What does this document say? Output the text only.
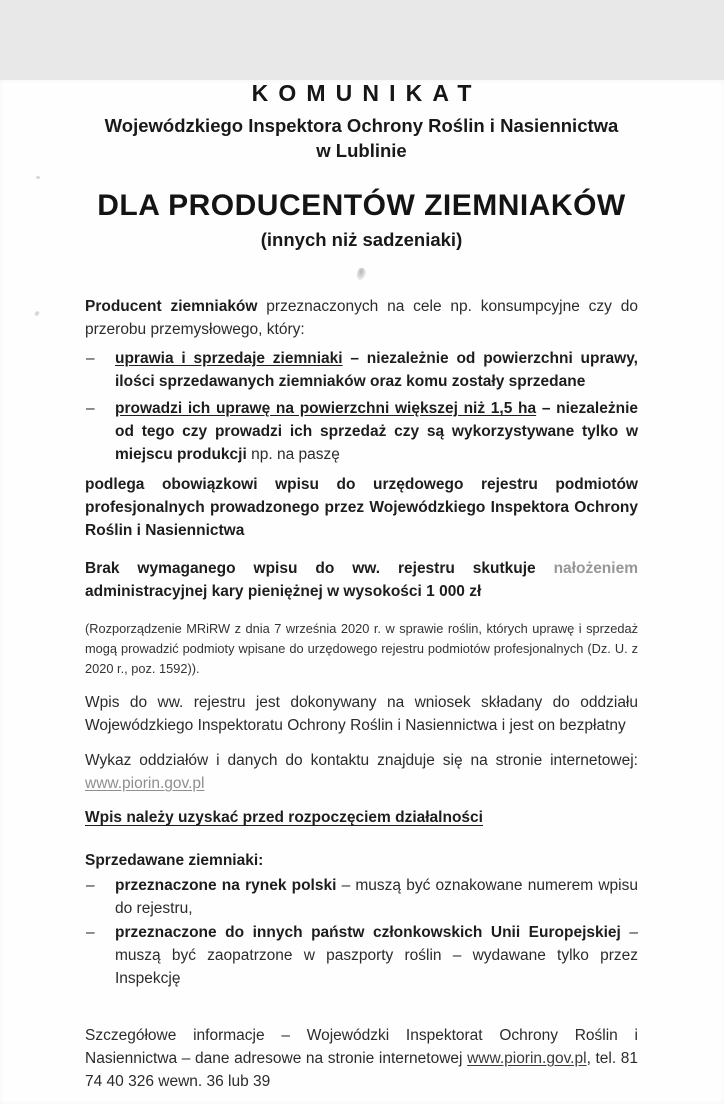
KOMUNIKAT
Wojewódzkiego Inspektora Ochrony Roślin i Nasiennictwa
w Lublinie
DLA PRODUCENTÓW ZIEMNIAKÓW
(innych niż sadzeniaki)

Producent ziemniaków przeznaczonych na cele np. konsumpcyjne czy do przerobu przemysłowego, który:

– uprawia i sprzedaje ziemniaki – niezależnie od powierzchni uprawy, ilości sprzedawanych ziemniaków oraz komu zostały sprzedane
– prowadzi ich uprawę na powierzchni większej niż 1,5 ha – niezależnie od tego czy prowadzi ich sprzedaż czy są wykorzystywane tylko w miejscu produkcji np. na paszę

podlega obowiązkowi wpisu do urzędowego rejestru podmiotów profesjonalnych prowadzonego przez Wojewódzkiego Inspektora Ochrony Roślin i Nasiennictwa

Brak wymaganego wpisu do ww. rejestru skutkuje nałożeniem administracyjnej kary pieniężnej w wysokości 1 000 zł

(Rozporządzenie MRiRW z dnia 7 września 2020 r. w sprawie roślin, których uprawę i sprzedaż mogą prowadzić podmioty wpisane do urzędowego rejestru podmiotów profesjonalnych (Dz. U. z 2020 r., poz. 1592)).

Wpis do ww. rejestru jest dokonywany na wniosek składany do oddziału Wojewódzkiego Inspektoratu Ochrony Roślin i Nasiennictwa i jest on bezpłatny

Wykaz oddziałów i danych do kontaktu znajduje się na stronie internetowej: www.piorin.gov.pl

Wpis należy uzyskać przed rozpoczęciem działalności

Sprzedawane ziemniaki:

– przeznaczone na rynek polski – muszą być oznakowane numerem wpisu do rejestru,
– przeznaczone do innych państw członkowskich Unii Europejskiej – muszą być zaopatrzone w paszporty roślin – wydawane tylko przez Inspekcję

Szczegółowe informacje – Wojewódzki Inspektorat Ochrony Roślin i Nasiennictwa – dane adresowe na stronie internetowej www.piorin.gov.pl, tel. 81 74 40 326 wewn. 36 lub 39
